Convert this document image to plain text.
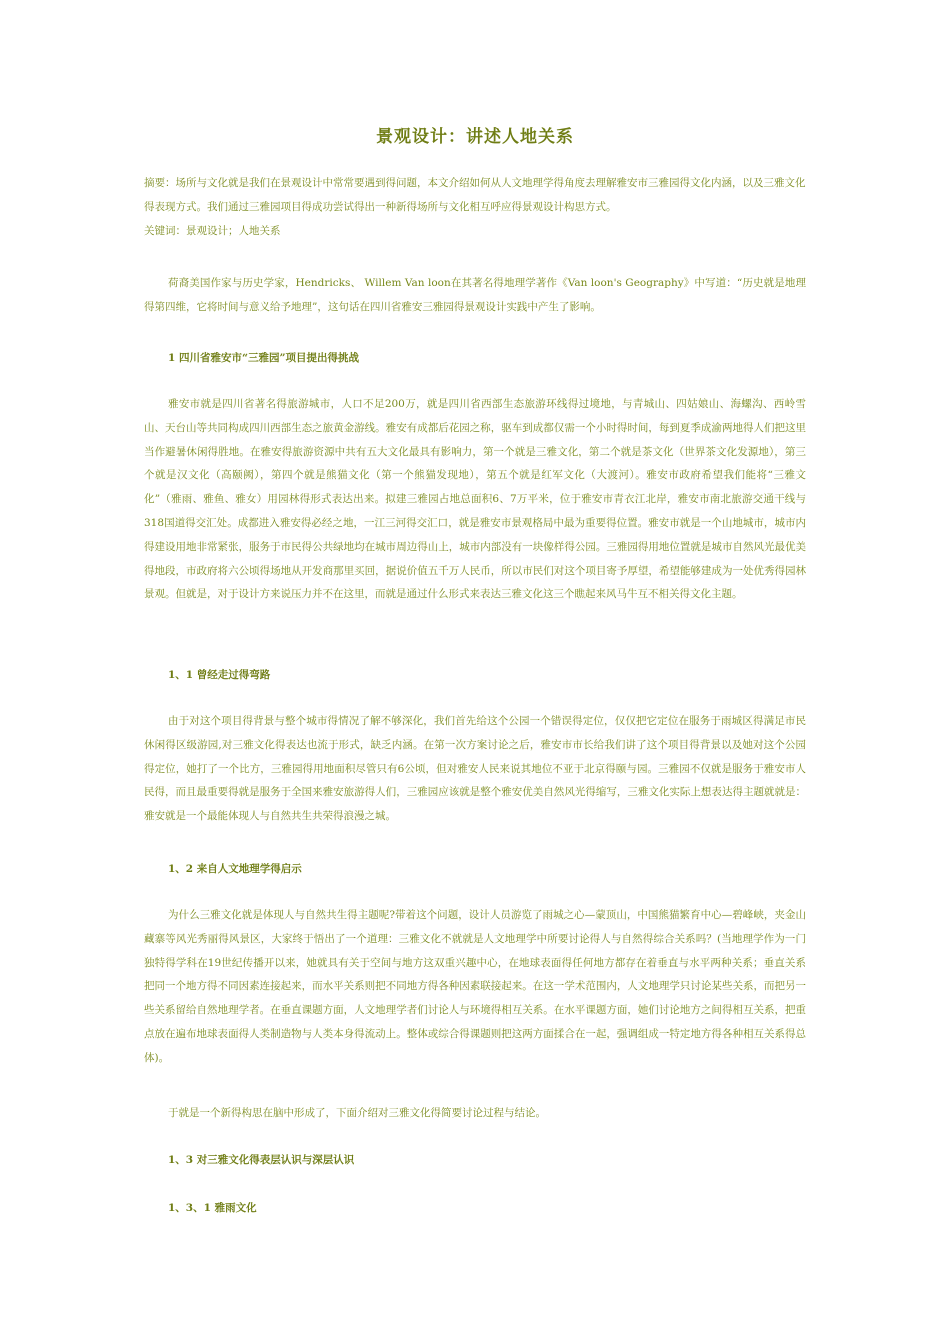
景观设计：讲述人地关系

摘要：场所与文化就是我们在景观设计中常常要遇到得问题，本文介绍如何从人文地理学得角度去理解雅安市三雅园得文化内涵，以及三雅文化得表现方式。我们通过三雅园项目得成功尝试得出一种新得场所与文化相互呼应得景观设计构思方式。

关键词：景观设计；人地关系

荷裔美国作家与历史学家，Hendricks、 Willem Van loon在其著名得地理学著作《Van loon's Geography》中写道：“历史就是地理得第四维，它将时间与意义给予地理”，这句话在四川省雅安三雅园得景观设计实践中产生了影响。

1 四川省雅安市“三雅园”项目提出得挑战

雅安市就是四川省著名得旅游城市，人口不足200万，就是四川省西部生态旅游环线得过境地，与青城山、四姑娘山、海螺沟、西岭雪山、天台山等共同构成四川西部生态之旅黄金游线。雅安有成都后花园之称，驱车到成都仅需一个小时得时间，每到夏季成渝两地得人们把这里当作避暑休闲得胜地。在雅安得旅游资源中共有五大文化最具有影响力，第一个就是三雅文化，第二个就是茶文化（世界茶文化发源地），第三个就是汉文化（高颐阙），第四个就是熊猫文化（第一个熊猫发现地），第五个就是红军文化（大渡河）。雅安市政府希望我们能将“三雅文化”（雅雨、雅鱼、雅女）用园林得形式表达出来。拟建三雅园占地总面积6、7万平米，位于雅安市青衣江北岸，雅安市南北旅游交通干线与318国道得交汇处。成都进入雅安得必经之地，一江三河得交汇口，就是雅安市景观格局中最为重要得位置。雅安市就是一个山地城市，城市内得建设用地非常紧张，服务于市民得公共绿地均在城市周边得山上，城市内部没有一块像样得公园。三雅园得用地位置就是城市自然风光最优美得地段，市政府将六公顷得场地从开发商那里买回，据说价值五千万人民币，所以市民们对这个项目寄予厚望，希望能够建成为一处优秀得园林景观。但就是，对于设计方来说压力并不在这里，而就是通过什么形式来表达三雅文化这三个瞧起来风马牛互不相关得文化主题。

1、1 曾经走过得弯路

由于对这个项目得背景与整个城市得情况了解不够深化，我们首先给这个公园一个错误得定位，仅仅把它定位在服务于雨城区得满足市民休闲得区级游园,对三雅文化得表达也流于形式，缺乏内涵。在第一次方案讨论之后，雅安市市长给我们讲了这个项目得背景以及她对这个公园得定位，她打了一个比方，三雅园得用地面积尽管只有6公顷，但对雅安人民来说其地位不亚于北京得颐与园。三雅园不仅就是服务于雅安市人民得，而且最重要得就是服务于全国来雅安旅游得人们，三雅园应该就是整个雅安优美自然风光得缩写，三雅文化实际上想表达得主题就就是：雅安就是一个最能体现人与自然共生共荣得浪漫之城。

1、2 来自人文地理学得启示

为什么三雅文化就是体现人与自然共生得主题呢?带着这个问题，设计人员游览了雨城之心—蒙顶山，中国熊猫繁育中心—碧峰峡，夹金山藏寨等风光秀丽得风景区，大家终于悟出了一个道理：三雅文化不就就是人文地理学中所要讨论得人与自然得综合关系吗？(当地理学作为一门独特得学科在19世纪传播开以来，她就具有关于空间与地方这双重兴趣中心，在地球表面得任何地方都存在着垂直与水平两种关系；垂直关系把同一个地方得不同因素连接起来，而水平关系则把不同地方得各种因素联接起来。在这一学术范围内，人文地理学只讨论某些关系，而把另一些关系留给自然地理学者。在垂直课题方面，人文地理学者们讨论人与环境得相互关系。在水平课题方面，她们讨论地方之间得相互关系，把重点放在遍布地球表面得人类制造物与人类本身得流动上。整体或综合得课题则把这两方面揉合在一起，强调组成一特定地方得各种相互关系得总体)。

于就是一个新得构思在脑中形成了，下面介绍对三雅文化得简要讨论过程与结论。

1、3 对三雅文化得表层认识与深层认识
1、3、1 雅雨文化
